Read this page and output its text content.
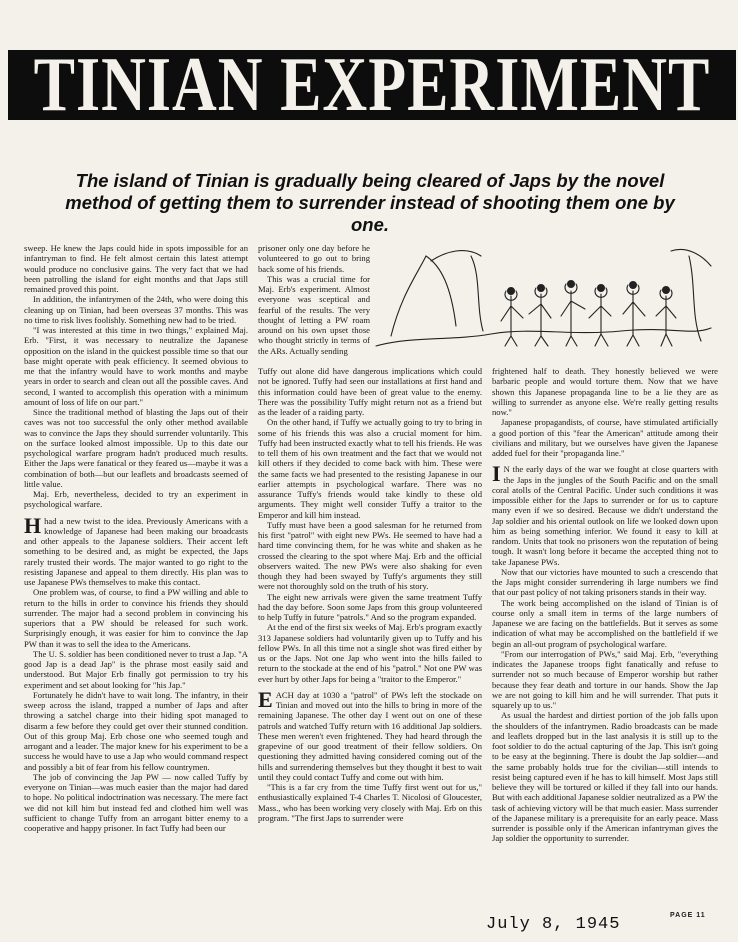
TINIAN EXPERIMENT
The island of Tinian is gradually being cleared of Japs by the novel method of getting them to surrender instead of shooting them one by one.

sweep. He knew the Japs could hide in spots impossible for an infantryman to find. He felt almost certain this latest attempt would produce no conclusive gains. The very fact that we had been patrolling the island for eight months and that Japs still remained proved this point.

In addition, the infantrymen of the 24th, who were doing this cleaning up on Tinian, had been overseas 37 months. This was no time to risk lives foolishly. Something new had to be tried.

"I was interested at this time in two things," explained Maj. Erb. "First, it was necessary to neutralize the Japanese opposition on the island in the quickest possible time so that our base might operate with peak efficiency. It seemed obvious to me that the infantry would have to work months and maybe years in order to search and clean out all the possible caves. And second, I wanted to accomplish this operation with a minimum amount of loss of life on our part."

Since the traditional method of blasting the Japs out of their caves was not too successful the only other method available was to convince the Japs they should surrender voluntarily. This on the surface looked almost impossible. Up to this date our psychological warfare program hadn't produced much results. Either the Japs were fanatical or they feared us—maybe it was a combination of both—but our leaflets and broadcasts seemed of little value.

Maj. Erb, nevertheless, decided to try an experiment in psychological warfare.

Hhad a new twist to the idea. Previously Americans with a knowledge of Japanese had been making our broadcasts and other appeals to the Japanese soldiers. Their accent left something to be desired and, as might be expected, the Japs rarely trusted their words. The major wanted to go right to the resisting Japanese and appeal to them directly. His plan was to use Japanese PWs themselves to make this contact.

One problem was, of course, to find a PW willing and able to return to the hills in order to convince his friends they should surrender. The major had a second problem in convincing his superiors that a PW should be released for such work. Surprisingly enough, it was easier for him to convince the Jap PW than it was to sell the idea to the Americans.

The U. S. soldier has been conditioned never to trust a Jap. "A good Jap is a dead Jap" is the phrase most easily said and understood. But Major Erb finally got permission to try his experiment and set about looking for "his Jap."

Fortunately he didn't have to wait long. The infantry, in their sweep across the island, trapped a number of Japs and after throwing a satchel charge into their hiding spot managed to disarm a few before they could get over their stunned condition. Out of this group Maj. Erb chose one who seemed tough and arrogant and a leader. The major knew for his experiment to be a success he would have to use a Jap who would command respect and possibly a bit of fear from his fellow countrymen.

The job of convincing the Jap PW — now called Tuffy by everyone on Tinian—was much easier than the major had dared to hope. No political indoctrination was necessary. The mere fact we did not kill him but instead fed and clothed him well was sufficient to change Tuffy from an arrogant bitter enemy to a cooperative and happy prisoner. In fact Tuffy had been our

prisoner only one day before he volunteered to go out to bring back some of his friends.

This was a crucial time for Maj. Erb's experiment. Almost everyone was sceptical and fearful of the results. The very thought of letting a PW roam around on his own upset those who thought strictly in terms of the ARs. Actually sending

Tuffy out alone did have dangerous implications which could not be ignored. Tuffy had seen our installations at first hand and this information could have been of great value to the enemy. There was the possibility Tuffy might return not as a friend but as the leader of a raiding party.

On the other hand, if Tuffy we actually going to try to bring in some of his friends this was also a crucial moment for him. Tuffy had been instructed exactly what to tell his friends. He was to tell them of his own treatment and the fact that we would not kill others if they decided to come back with him. These were the same facts we had presented to the resisting Japanese in our earlier attempts in psychological warfare. There was no assurance Tuffy's friends would take kindly to these old arguments. They might well consider Tuffy a traitor to the Emperor and kill him instead.

Tuffy must have been a good salesman for he returned from his first "patrol" with eight new PWs. He seemed to have had a hard time convincing them, for he was white and shaken as he crossed the clearing to the spot where Maj. Erb and the official observers waited. The new PWs were also shaking for even though they had been swayed by Tuffy's arguments they still were not thoroughly sold on the truth of his story.

The eight new arrivals were given the same treatment Tuffy had the day before. Soon some Japs from this group volunteered to help Tuffy in future "patrols." And so the program expanded.

At the end of the first six weeks of Maj. Erb's program exactly 313 Japanese soldiers had voluntarily given up to Tuffy and his fellow PWs. In all this time not a single shot was fired either by us or the Japs. Not one Jap who went into the hills failed to return to the stockade at the end of his "patrol." Not one PW was ever hurt by other Japs for being a "traitor to the Emperor."

EACH day at 1030 a "patrol" of PWs left the stockade on Tinian and moved out into the hills to bring in more of the remaining Japanese. The other day I went out on one of these patrols and watched Tuffy return with 16 additional Jap soldiers. These men weren't even frightened. They had heard through the grapevine of our good treatment of their fellow soldiers. On questioning they admitted having considered coming out of the hills and surrendering themselves but they thought it best to wait until they could contact Tuffy and come out with him.

"This is a far cry from the time Tuffy first went out for us," enthusiastically explained T-4 Charles T. Nicolosi of Gloucester, Mass., who has been working very closely with Maj. Erb on this program. "The first Japs to surrender were

frightened half to death. They honestly believed we were barbaric people and would torture them. Now that we have shown this Japanese propaganda line to be a lie they are as willing to surrender as anyone else. We're really getting results now."

Japanese propagandists, of course, have stimulated artificially a good portion of this "fear the American" attitude among their civilians and military, but we ourselves have given the Japanese added fuel for their "propaganda line."

I N the early days of the war we fought at close quarters with the Japs in the jungles of the South Pacific and on the small coral atolls of the Central Pacific. Under such conditions it was impossible either for the Japs to surrender or for us to capture many even if we so desired. Because we didn't understand the Jap soldier and his oriental outlook on life we looked down upon him as being something inferior. We found it easy to kill at random. Units that took no prisoners won the reputation of being tough. It wasn't long before it became the accepted thing not to take Japanese PWs.

Now that our victories have mounted to such a crescendo that the Japs might consider surrendering ih large numbers we find that our past policy of not taking prisoners stands in their way.

The work being accomplished on the island of Tinian is of course only a small item in terms of the large numbers of Japanese we are facing on the battlefields. But it serves as some indication of what may be accomplished on the battlefield if we begin an all-out program of psychological warfare.

"From our interrogation of PWs," said Maj. Erb, "everything indicates the Japanese troops fight fanatically and refuse to surrender not so much because of Emperor worship but rather because they fear death and torture in our hands. Show the Jap we are not going to kill him and he will surrender. That puts it squarely up to us."

As usual the hardest and dirtiest portion of the job falls upon the shoulders of the infantrymen. Radio broadcasts can be made and leaflets dropped but in the last analysis it is still up to the foot soldier to do the actual capturing of the Jap. This isn't going to be easy at the beginning. There is doubt the Jap soldier—and the same probably holds true for the civilian—still intends to resist being captured even if he has to kill himself. Most Japs still believe they will be tortured or killed if they fall into our hands. But with each additional Japanese soldier neutralized as a PW the task of achieving victory will be that much easier. Mass surrender of the Japanese military is a prerequisite for an early peace. Mass surrender is possible only if the American infantryman gives the Jap soldier the opportunity to surrender.

July 8, 1945	PAGE 11
